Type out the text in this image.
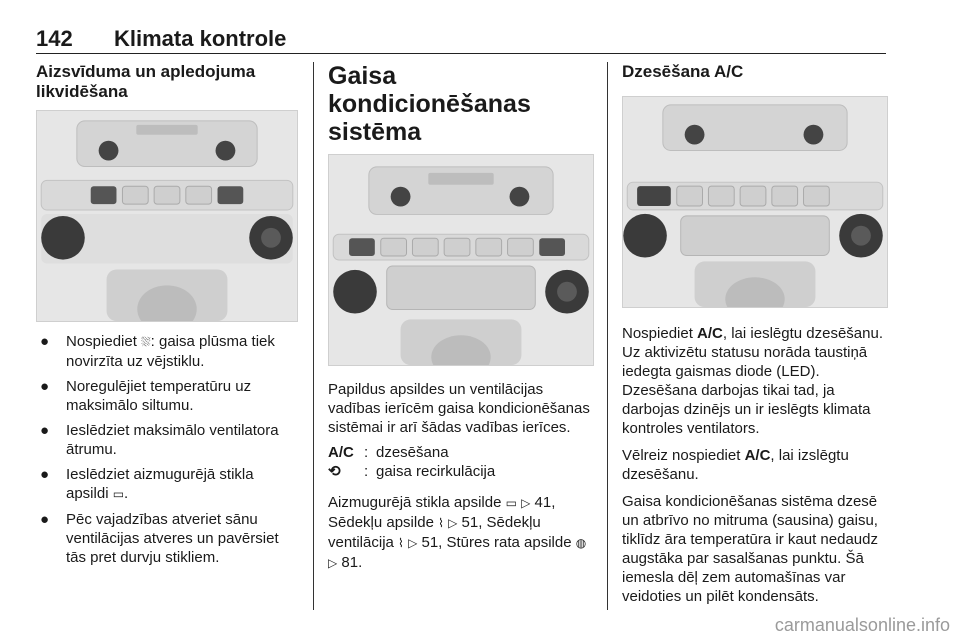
142 Klimata kontrole
Aizsvīduma un apledojuma likvidēšana
● Nospiediet ⛆: gaisa plūsma tiek novirzīta uz vējstiklu.
● Noregulējiet temperatūru uz maksimālo siltumu.
● Ieslēdziet maksimālo ventilatora ātrumu.
● Ieslēdziet aizmugurējā stikla apsildi ▭.
● Pēc vajadzības atveriet sānu ventilācijas atveres un pavērsiet tās pret durvju stikliem.
Gaisa kondicionēšanas sistēma

Papildus apsildes un ventilācijas vadības ierīcēm gaisa kondicionēšanas sistēmai ir arī šādas vadības ierīces.

A/C : dzesēšana
⟲	: gaisa recirkulācija

Aizmugurējā stikla apsilde ▭ ▷ 41, Sēdekļu apsilde ⌇ ▷ 51, Sēdekļu ventilācija ⌇ ▷ 51, Stūres rata apsilde ◍ ▷ 81.

Dzesēšana A/C

Nospiediet A/C, lai ieslēgtu dzesēšanu. Uz aktivizētu statusu norāda taustiņā iedegta gaismas diode (LED). Dzesēšana darbojas tikai tad, ja darbojas dzinējs un ir ieslēgts klimata kontroles ventilators.

Vēlreiz nospiediet A/C, lai izslēgtu dzesēšanu.

Gaisa kondicionēšanas sistēma dzesē un atbrīvo no mitruma (sausina) gaisu, tiklīdz āra temperatūra ir kaut nedaudz augstāka par sasalšanas punktu. Šā iemesla dēļ zem automašīnas var veidoties un pilēt kondensāts.

carmanualsonline.info
